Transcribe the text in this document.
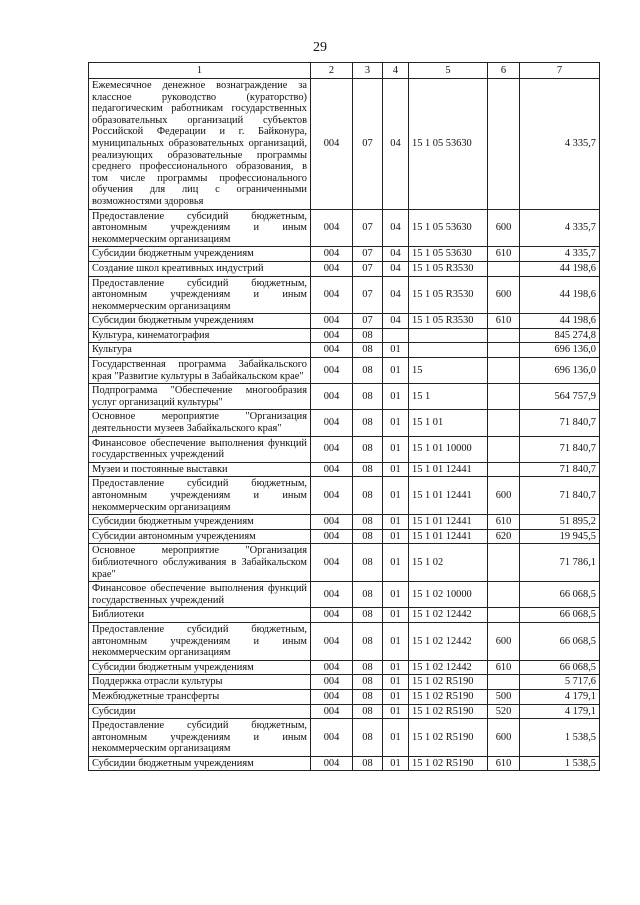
29
1	2	3	4	5	6	7
Ежемесячное денежное вознаграждение за классное руководство (кураторство) педагогическим работникам государственных образовательных организаций субъектов Российской Федерации и г. Байконура, муниципальных образовательных организаций, реализующих образовательные программы среднего профессионального образования, в том числе программы профессионального обучения для лиц с ограниченными возможностями здоровья	004	07	04	15 1 05 53630		4 335,7
Предоставление субсидий бюджетным, автономным учреждениям и иным некоммерческим организациям	004	07	04	15 1 05 53630	600	4 335,7
Субсидии бюджетным учреждениям	004	07	04	15 1 05 53630	610	4 335,7
Создание школ креативных индустрий	004	07	04	15 1 05 R3530		44 198,6
Предоставление субсидий бюджетным, автономным учреждениям и иным некоммерческим организациям	004	07	04	15 1 05 R3530	600	44 198,6
Субсидии бюджетным учреждениям	004	07	04	15 1 05 R3530	610	44 198,6
Культура, кинематография	004	08				845 274,8
Культура	004	08	01			696 136,0
Государственная программа Забайкальского края "Развитие культуры в Забайкальском крае"	004	08	01	15		696 136,0
Подпрограмма "Обеспечение многообразия услуг организаций культуры"	004	08	01	15 1		564 757,9
Основное мероприятие "Организация деятельности музеев Забайкальского края"	004	08	01	15 1 01		71 840,7
Финансовое обеспечение выполнения функций государственных учреждений	004	08	01	15 1 01 10000		71 840,7
Музеи и постоянные выставки	004	08	01	15 1 01 12441		71 840,7
Предоставление субсидий бюджетным, автономным учреждениям и иным некоммерческим организациям	004	08	01	15 1 01 12441	600	71 840,7
Субсидии бюджетным учреждениям	004	08	01	15 1 01 12441	610	51 895,2
Субсидии автономным учреждениям	004	08	01	15 1 01 12441	620	19 945,5
Основное мероприятие "Организация библиотечного обслуживания в Забайкальском крае"	004	08	01	15 1 02		71 786,1
Финансовое обеспечение выполнения функций государственных учреждений	004	08	01	15 1 02 10000		66 068,5
Библиотеки	004	08	01	15 1 02 12442		66 068,5
Предоставление субсидий бюджетным, автономным учреждениям и иным некоммерческим организациям	004	08	01	15 1 02 12442	600	66 068,5
Субсидии бюджетным учреждениям	004	08	01	15 1 02 12442	610	66 068,5
Поддержка отрасли культуры	004	08	01	15 1 02 R5190		5 717,6
Межбюджетные трансферты	004	08	01	15 1 02 R5190	500	4 179,1
Субсидии	004	08	01	15 1 02 R5190	520	4 179,1
Предоставление субсидий бюджетным, автономным учреждениям и иным некоммерческим организациям	004	08	01	15 1 02 R5190	600	1 538,5
Субсидии бюджетным учреждениям	004	08	01	15 1 02 R5190	610	1 538,5
